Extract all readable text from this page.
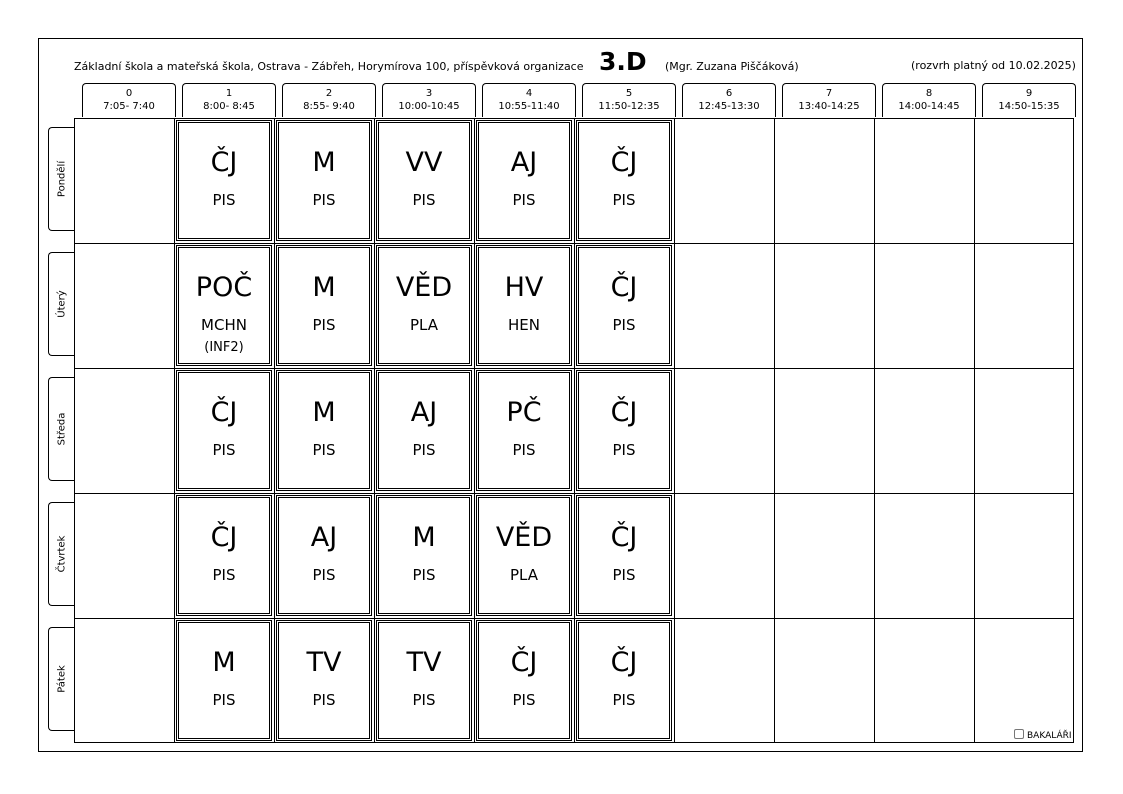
Základní škola a mateřská škola, Ostrava - Zábřeh, Horymírova 100, příspěvková organizace 3.D (Mgr. Zuzana Piščáková)	(rozvrh platný od 10.02.2025)
0
7:05- 7:40
1
8:00- 8:45
2
8:55- 9:40
3
10:00-10:45
4
10:55-11:40
5
11:50-12:35
6
12:45-13:30
7
13:40-14:25
8
14:00-14:45
9
14:50-15:35
Pondělí
Úterý
Středa
Čtvrtek
Pátek
ČJ
PIS
M
PIS
VV
PIS
AJ
PIS
ČJ
PIS
POČ
MCHN
(INF2)
M
PIS
VĚD
PLA
HV
HEN
ČJ
PIS
ČJ
PIS
M
PIS
AJ
PIS
PČ
PIS
ČJ
PIS
ČJ
PIS
AJ
PIS
M
PIS
VĚD
PLA
ČJ
PIS
M
PIS
TV
PIS
TV
PIS
ČJ
PIS
ČJ
PIS
BAKALÁŘI
